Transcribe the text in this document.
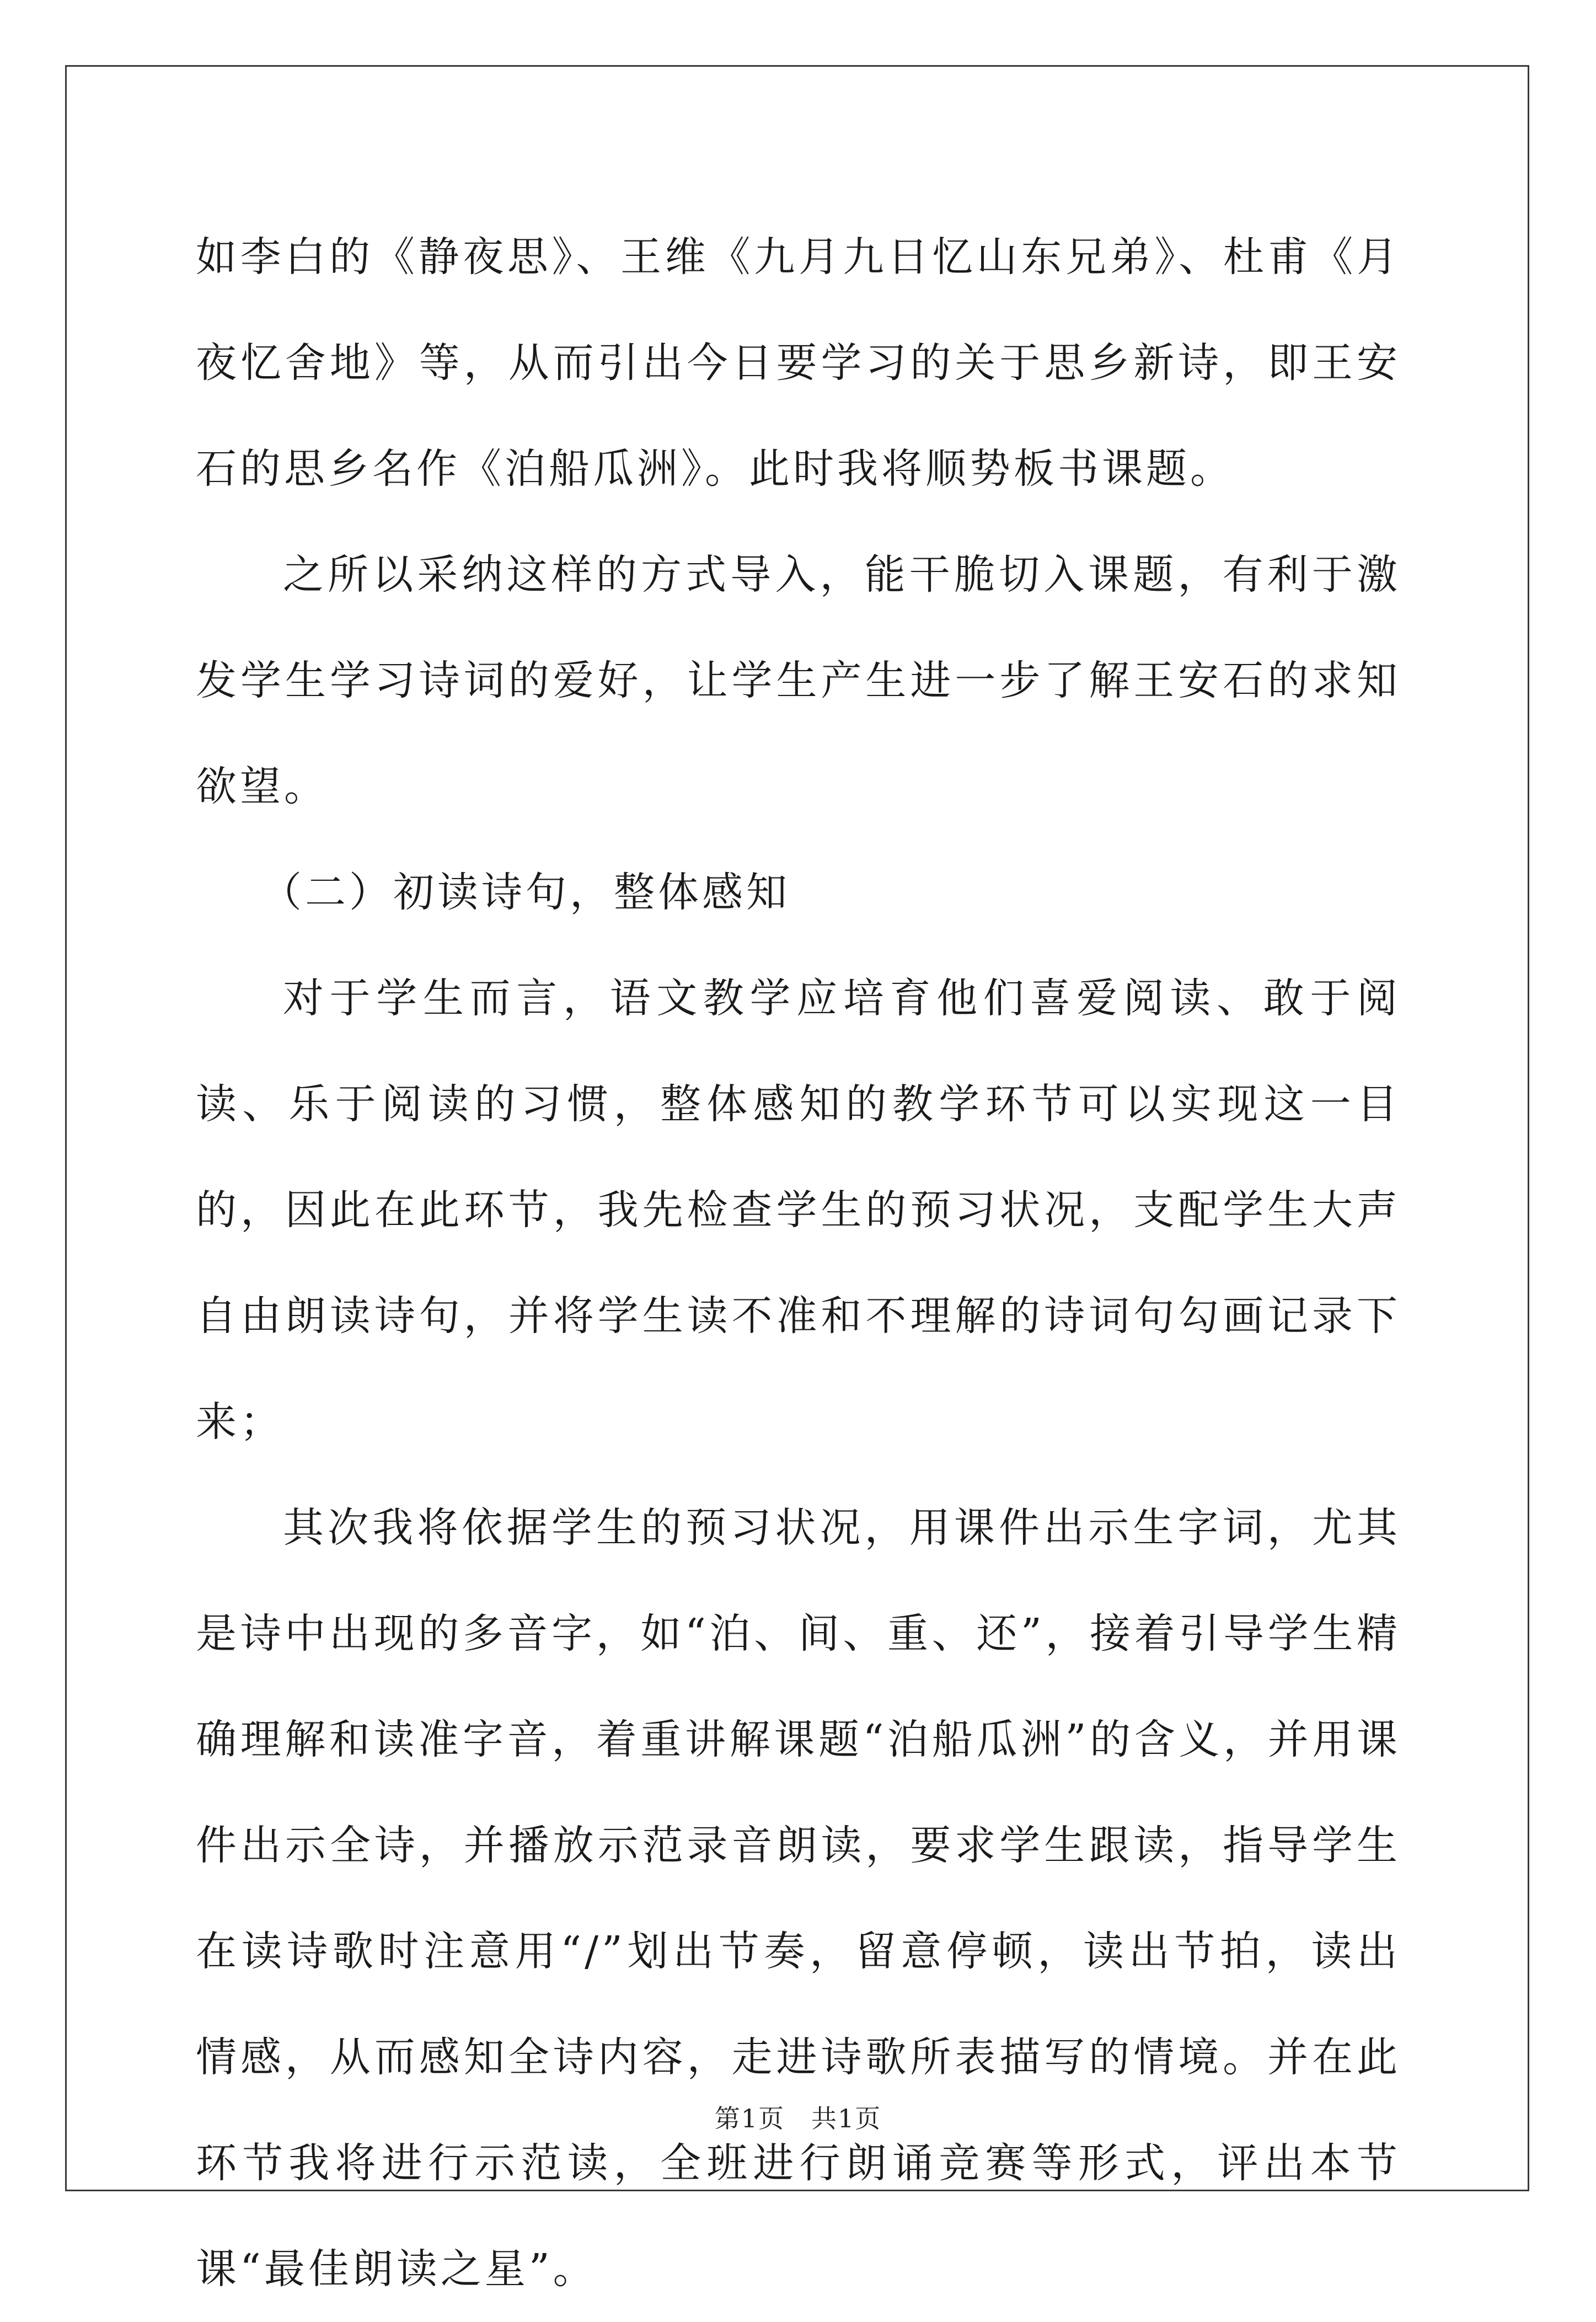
如李白的《静夜思》、王维《九月九日忆山东兄弟》、杜甫《月夜忆舍地》等，从而引出今日要学习的关于思乡新诗，即王安石的思乡名作《泊船瓜洲》。此时我将顺势板书课题。

之所以采纳这样的方式导入，能干脆切入课题，有利于激发学生学习诗词的爱好，让学生产生进一步了解王安石的求知欲望。

（二）初读诗句，整体感知

对于学生而言，语文教学应培育他们喜爱阅读、敢于阅读、乐于阅读的习惯，整体感知的教学环节可以实现这一目的，因此在此环节，我先检查学生的预习状况，支配学生大声自由朗读诗句，并将学生读不准和不理解的诗词句勾画记录下来；

其次我将依据学生的预习状况，用课件出示生字词，尤其是诗中出现的多音字，如“泊、间、重、还”，接着引导学生精确理解和读准字音，着重讲解课题“泊船瓜洲”的含义，并用课件出示全诗，并播放示范录音朗读，要求学生跟读，指导学生在读诗歌时注意用“/”划出节奏，留意停顿，读出节拍，读出情感，从而感知全诗内容，走进诗歌所表描写的情境。并在此环节我将进行示范读，全班进行朗诵竞赛等形式，评出本节课“最佳朗读之星”。

第1页　共1页
